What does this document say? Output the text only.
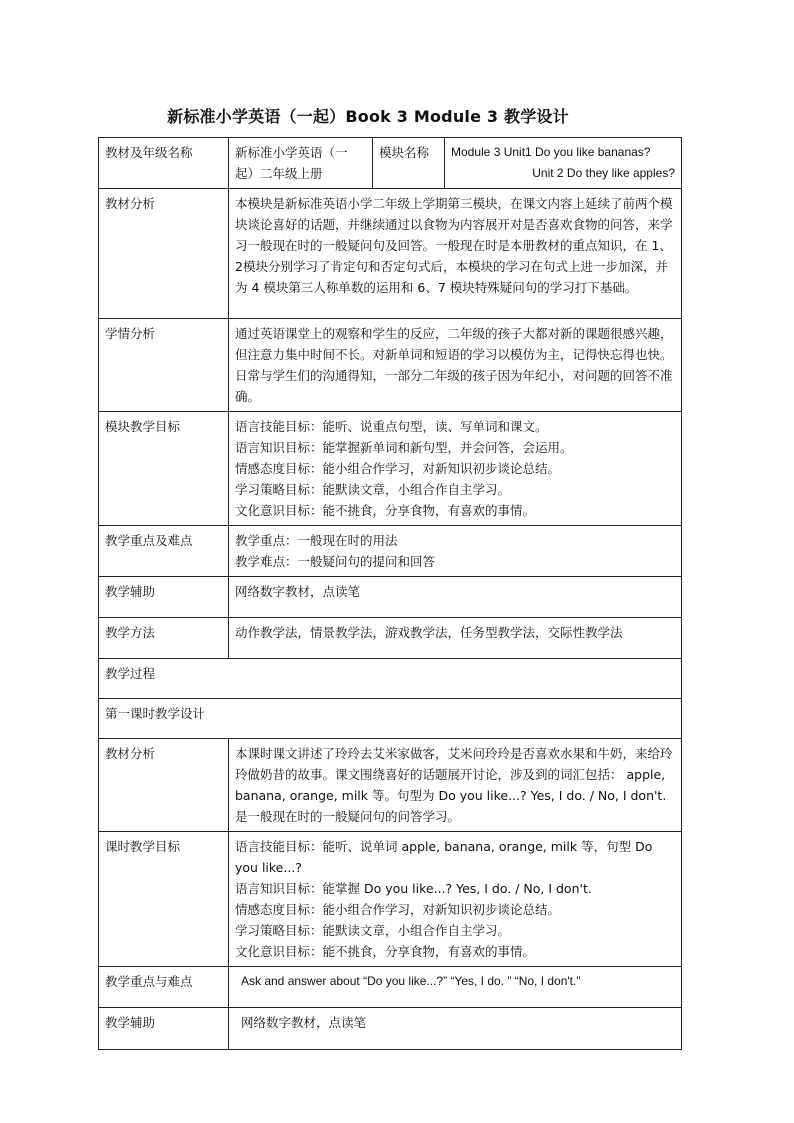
新标准小学英语（一起）Book 3 Module 3 教学设计
教材及年级名称	新标准小学英语（一起）二年级上册	模块名称	Module 3 Unit1 Do you like bananas?
Unit 2 Do they like apples?

教材分析	本模块是新标准英语小学二年级上学期第三模块，在课文内容上延续了前两个模块谈论喜好的话题，并继续通过以食物为内容展开对是否喜欢食物的问答，来学习一般现在时的一般疑问句及回答。一般现在时是本册教材的重点知识，在 1、2模块分别学习了肯定句和否定句式后，本模块的学习在句式上进一步加深，并为 4 模块第三人称单数的运用和 6、7 模块特殊疑问句的学习打下基础。		
学情分析	通过英语课堂上的观察和学生的反应，二年级的孩子大都对新的课题很感兴趣，但注意力集中时间不长。对新单词和短语的学习以模仿为主，记得快忘得也快。日常与学生们的沟通得知，一部分二年级的孩子因为年纪小，对问题的回答不准确。		
模块教学目标	语言技能目标：能听、说重点句型，读、写单词和课文。
语言知识目标：能掌握新单词和新句型，并会问答，会运用。
情感态度目标：能小组合作学习，对新知识初步谈论总结。
学习策略目标：能默读文章，小组合作自主学习。
文化意识目标：能不挑食，分享食物，有喜欢的事情。		

教学重点及难点	教学重点：一般现在时的用法
教学难点：一般疑问句的提问和回答		

教学辅助	网络数字教材，点读笔		
教学方法	动作教学法，情景教学法，游戏教学法，任务型教学法，交际性教学法		
教学过程			
第一课时教学设计			
教材分析	本课时课文讲述了玲玲去艾米家做客，艾米问玲玲是否喜欢水果和牛奶，来给玲玲做奶昔的故事。课文围绕喜好的话题展开讨论，涉及到的词汇包括： apple, banana, orange, milk 等。句型为 Do you like...? Yes, I do. / No, I don't. 是一般现在时的一般疑问句的问答学习。		
课时教学目标	语言技能目标：能听、说单词 apple, banana, orange, milk 等，句型 Do you like...?
语言知识目标：能掌握 Do you like...? Yes, I do. / No, I don't.
情感态度目标：能小组合作学习，对新知识初步谈论总结。
学习策略目标：能默读文章，小组合作自主学习。
文化意识目标：能不挑食，分享食物，有喜欢的事情。		

教学重点与难点	Ask and answer about “Do you like...?” “Yes, I do. ” “No, I don't.”		
教学辅助	网络数字教材，点读笔		
